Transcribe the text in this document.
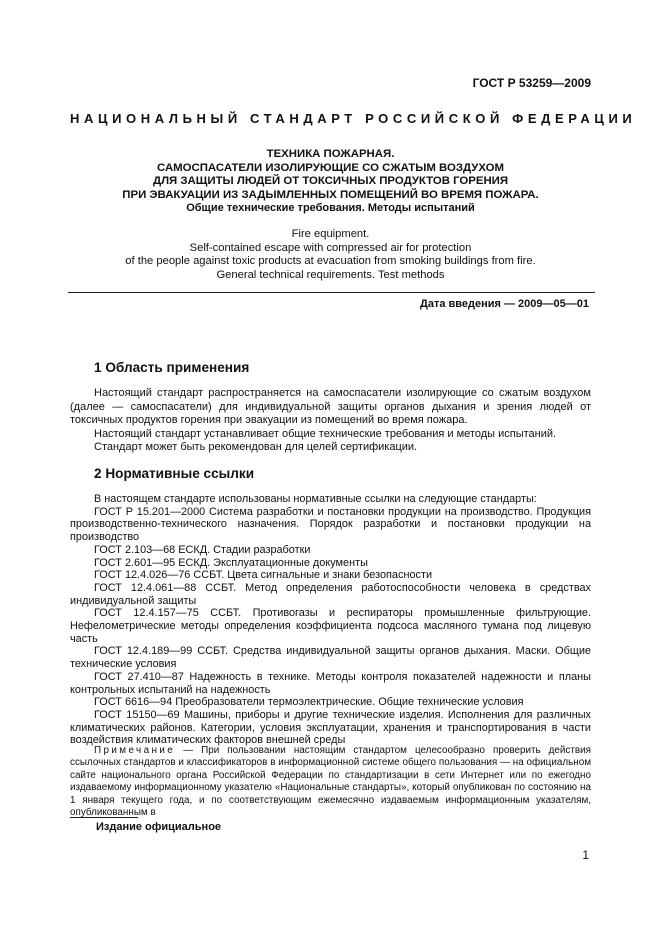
ГОСТ Р 53259—2009
НАЦИОНАЛЬНЫЙ СТАНДАРТ РОССИЙСКОЙ ФЕДЕРАЦИИ
ТЕХНИКА ПОЖАРНАЯ.
САМОСПАСАТЕЛИ ИЗОЛИРУЮЩИЕ СО СЖАТЫМ ВОЗДУХОМ
ДЛЯ ЗАЩИТЫ ЛЮДЕЙ ОТ ТОКСИЧНЫХ ПРОДУКТОВ ГОРЕНИЯ
ПРИ ЭВАКУАЦИИ ИЗ ЗАДЫМЛЕННЫХ ПОМЕЩЕНИЙ ВО ВРЕМЯ ПОЖАРА.
Общие технические требования. Методы испытаний
Fire equipment.
Self-contained escape with compressed air for protection
of the people against toxic products at evacuation from smoking buildings from fire.
General technical requirements. Test methods
Дата введения — 2009—05—01
1 Область применения

Настоящий стандарт распространяется на самоспасатели изолирующие со сжатым воздухом (далее — самоспасатели) для индивидуальной защиты органов дыхания и зрения людей от токсичных продуктов горения при эвакуации из помещений во время пожара.

Настоящий стандарт устанавливает общие технические требования и методы испытаний.

Стандарт может быть рекомендован для целей сертификации.

2 Нормативные ссылки

В настоящем стандарте использованы нормативные ссылки на следующие стандарты:

ГОСТ Р 15.201—2000 Система разработки и постановки продукции на производство. Продукция производственно-технического назначения. Порядок разработки и постановки продукции на производство

ГОСТ 2.103—68 ЕСКД. Стадии разработки

ГОСТ 2.601—95 ЕСКД. Эксплуатационные документы

ГОСТ 12.4.026—76 ССБТ. Цвета сигнальные и знаки безопасности

ГОСТ 12.4.061—88 ССБТ. Метод определения работоспособности человека в средствах индивидуальной защиты

ГОСТ 12.4.157—75 ССБТ. Противогазы и респираторы промышленные фильтрующие. Нефелометрические методы определения коэффициента подсоса масляного тумана под лицевую часть

ГОСТ 12.4.189—99 ССБТ. Средства индивидуальной защиты органов дыхания. Маски. Общие технические условия

ГОСТ 27.410—87 Надежность в технике. Методы контроля показателей надежности и планы контрольных испытаний на надежность

ГОСТ 6616—94 Преобразователи термоэлектрические. Общие технические условия

ГОСТ 15150—69 Машины, приборы и другие технические изделия. Исполнения для различных климатических районов. Категории, условия эксплуатации, хранения и транспортирования в части воздействия климатических факторов внешней среды

Примечание — При пользовании настоящим стандартом целесообразно проверить действия ссылочных стандартов и классификаторов в информационной системе общего пользования — на официальном сайте национального органа Российской Федерации по стандартизации в сети Интернет или по ежегодно издаваемому информационному указателю «Национальные стандарты», который опубликован по состоянию на 1 января текущего года, и по соответствующим ежемесячно издаваемым информационным указателям, опубликованным в
Издание официальное
1
